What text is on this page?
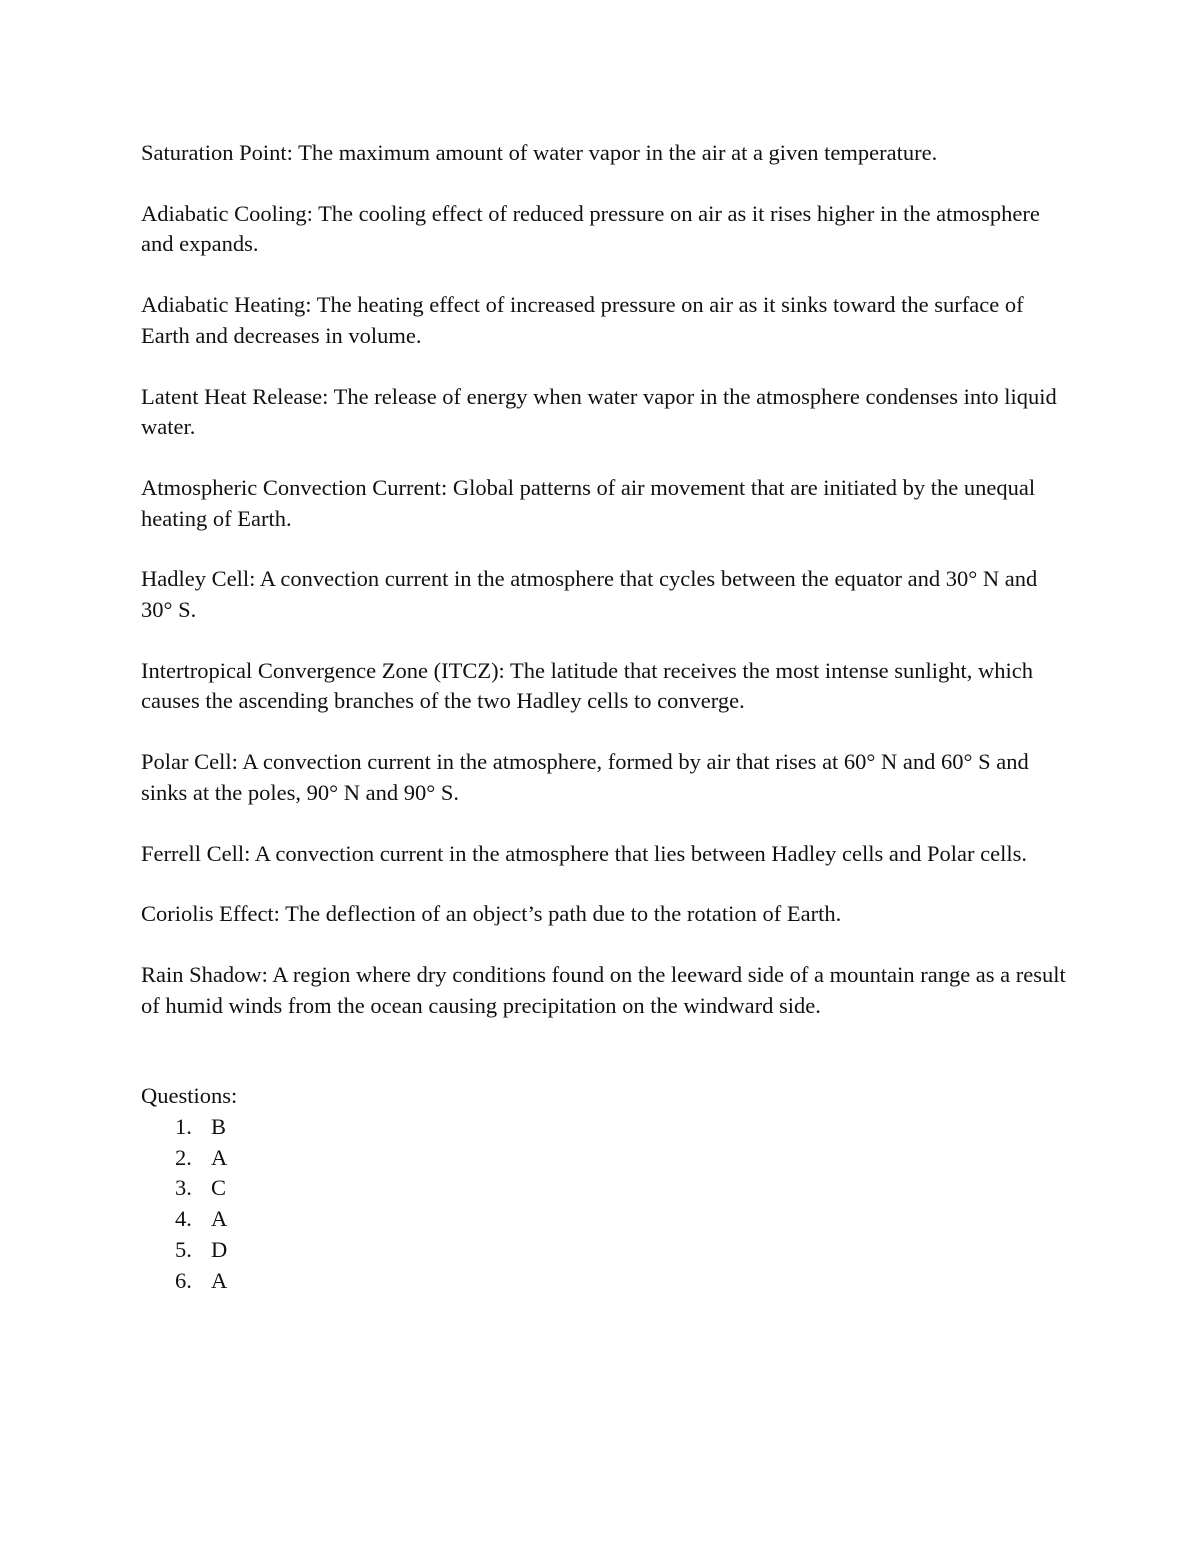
Saturation Point: The maximum amount of water vapor in the air at a given temperature.

Adiabatic Cooling: The cooling effect of reduced pressure on air as it rises higher in the atmosphere and expands.

Adiabatic Heating: The heating effect of increased pressure on air as it sinks toward the surface of Earth and decreases in volume.

Latent Heat Release: The release of energy when water vapor in the atmosphere condenses into liquid water.

Atmospheric Convection Current: Global patterns of air movement that are initiated by the unequal heating of Earth.

Hadley Cell: A convection current in the atmosphere that cycles between the equator and 30° N and 30° S.

Intertropical Convergence Zone (ITCZ): The latitude that receives the most intense sunlight, which causes the ascending branches of the two Hadley cells to converge.

Polar Cell: A convection current in the atmosphere, formed by air that rises at 60° N and 60° S and sinks at the poles, 90° N and 90° S.

Ferrell Cell: A convection current in the atmosphere that lies between Hadley cells and Polar cells.

Coriolis Effect: The deflection of an object’s path due to the rotation of Earth.

Rain Shadow: A region where dry conditions found on the leeward side of a mountain range as a result of humid winds from the ocean causing precipitation on the windward side.

Questions:
1. B
2. A
3. C
4. A
5. D
6. A
